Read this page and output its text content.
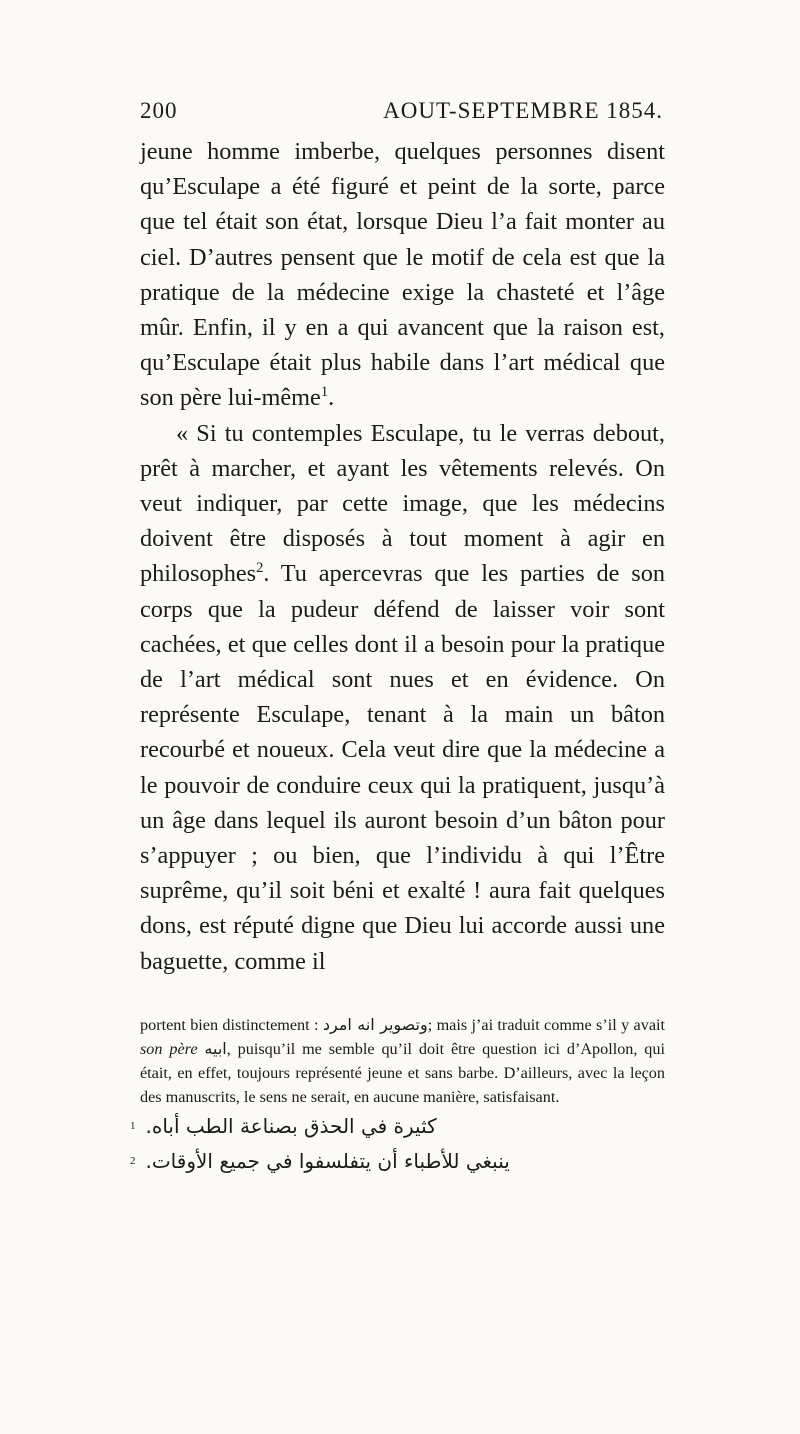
200	AOUT-SEPTEMBRE 1854.

jeune homme imberbe, quelques personnes disent qu’Esculape a été figuré et peint de la sorte, parce que tel était son état, lorsque Dieu l’a fait monter au ciel. D’autres pensent que le motif de cela est que la pratique de la médecine exige la chasteté et l’âge mûr. Enfin, il y en a qui avancent que la raison est, qu’Esculape était plus habile dans l’art médical que son père lui-même$^1$.

« Si tu contemples Esculape, tu le verras debout, prêt à marcher, et ayant les vêtements relevés. On veut indiquer, par cette image, que les médecins doivent être disposés à tout moment à agir en philosophes$^2$. Tu apercevras que les parties de son corps que la pudeur défend de laisser voir sont cachées, et que celles dont il a besoin pour la pratique de l’art médical sont nues et en évidence. On représente Esculape, tenant à la main un bâton recourbé et noueux. Cela veut dire que la médecine a le pouvoir de conduire ceux qui la pratiquent, jusqu’à un âge dans lequel ils auront besoin d’un bâton pour s’appuyer ; ou bien, que l’individu à qui l’Être suprême, qu’il soit béni et exalté ! aura fait quelques dons, est réputé digne que Dieu lui accorde aussi une baguette, comme il

portent bien distinctement : وتصوير انه امرد; mais j’ai traduit comme s’il y avait son père ابيه, puisqu’il me semble qu’il doit être question ici d’Apollon, qui était, en effet, toujours représenté jeune et sans barbe. D’ailleurs, avec la leçon des manuscrits, le sens ne serait, en aucune manière, satisfaisant.

$^1$ كثيرة في الحذق بصناعة الطب أباه.

$^2$ ينبغي للأطباء أن يتفلسفوا في جميع الأوقات.
